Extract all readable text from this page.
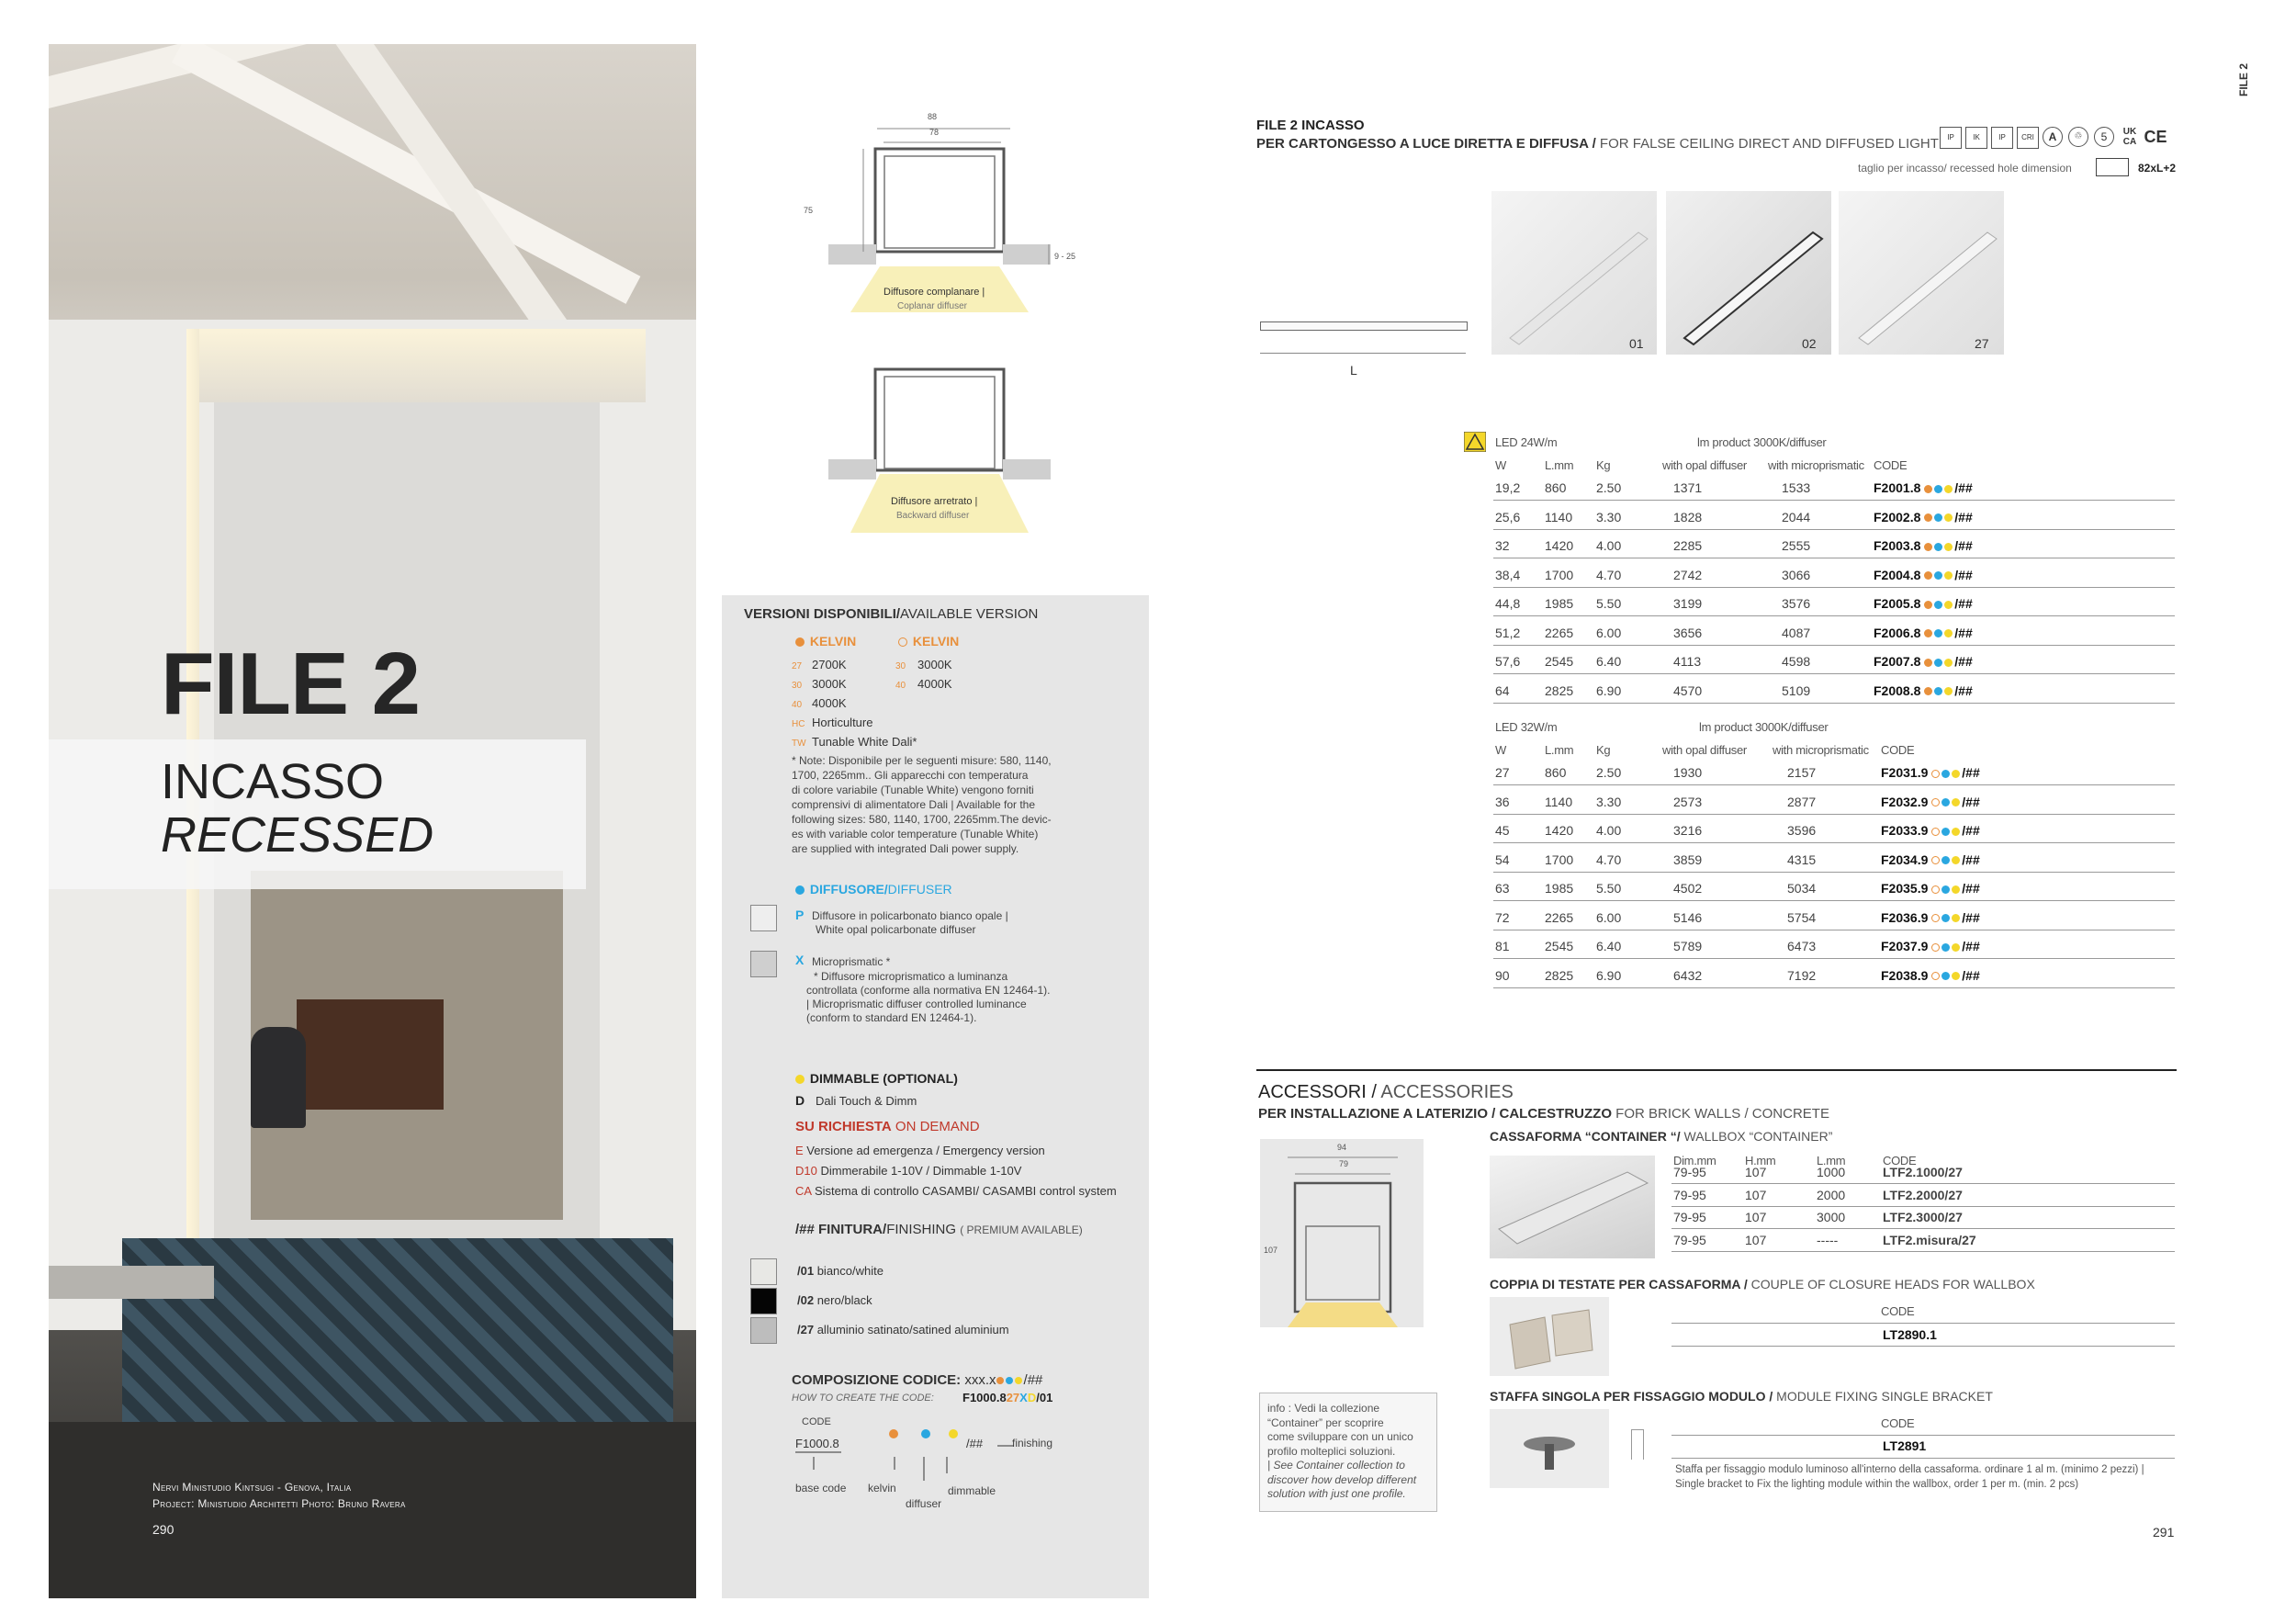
FILE 2
INCASSO
RECESSED
Nervi Ministudio Kintsugi - Genova, Italia
Project: Ministudio Architetti Photo: Bruno Ravera
290
88
78
75
9 - 25
Diffusore complanare |
Coplanar diffuser
Diffusore arretrato |
Backward diffuser
VERSIONI DISPONIBILI/AVAILABLE VERSION
KELVIN	KELVIN
27 2700K
30 3000K
40 4000K
HC Horticulture
TW Tunable White Dali*
30 3000K
40 4000K
* Note: Disponibile per le seguenti misure: 580, 1140,
1700, 2265mm.. Gli apparecchi con temperatura
di colore variabile (Tunable White) vengono forniti
comprensivi di alimentatore Dali | Available for the
following sizes: 580, 1140, 1700, 2265mm.The devic-
es with variable color temperature (Tunable White)
are supplied with integrated Dali power supply.
DIFFUSORE/DIFFUSER
P Diffusore in policarbonato bianco opale |
White opal policarbonate diffuser
X Microprismatic *
* Diffusore microprismatico a luminanza
controllata (conforme alla normativa EN 12464-1).
| Microprismatic diffuser controlled luminance
(conform to standard EN 12464-1).
DIMMABLE (OPTIONAL)
D Dali Touch & Dimm
SU RICHIESTA ON DEMAND
E Versione ad emergenza / Emergency version
D10 Dimmerabile 1-10V / Dimmable 1-10V
CA Sistema di controllo CASAMBI/ CASAMBI control system
/## FINITURA/FINISHING ( PREMIUM AVAILABLE)
/01 bianco/white
/02 nero/black
/27 alluminio satinato/satined aluminium
COMPOSIZIONE CODICE: xxx.x /##
HOW TO CREATE THE CODE: F1000.827XD/01
CODE
F1000.8	/##	finishing
base code kelvin
diffuser
dimmable
FILE 2
FILE 2 INCASSO
PER CARTONGESSO A LUCE DIRETTA E DIFFUSA / FOR FALSE CEILING DIRECT AND DIFFUSED LIGHT	IP	IK	IP	CRI	A	♲	5	UK
CA CE
taglio per incasso/ recessed hole dimension	82xL+2
L
01	02	27
LED 24W/m	lm product 3000K/diffuser
W	L.mm Kg	with opal diffuser with microprismatic CODE
19,2 860 2.50	1371	1533	F2001.8	/##
25,6 1140 3.30	1828	2044	F2002.8	/##
32	1420 4.00	2285	2555	F2003.8	/##
38,4 1700 4.70	2742	3066	F2004.8	/##
44,8 1985 5.50	3199	3576	F2005.8	/##
51,2 2265 6.00	3656	4087	F2006.8	/##
57,6 2545 6.40	4113	4598	F2007.8	/##
64	2825 6.90	4570	5109	F2008.8	/##
LED 32W/m	lm product 3000K/diffuser
W	L.mm Kg	with opal diffuser with microprismatic CODE
27	860 2.50	1930	2157	F2031.9	/##
36	1140 3.30	2573	2877	F2032.9	/##
45	1420 4.00	3216	3596	F2033.9	/##
54	1700 4.70	3859	4315	F2034.9	/##
63	1985 5.50	4502	5034	F2035.9	/##
72	2265 6.00	5146	5754	F2036.9	/##
81	2545 6.40	5789	6473	F2037.9	/##
90	2825 6.90	6432	7192	F2038.9	/##
ACCESSORI / ACCESSORIES
PER INSTALLAZIONE A LATERIZIO / CALCESTRUZZO FOR BRICK WALLS / CONCRETE
94
79
107
CASSAFORMA “CONTAINER “/ WALLBOX “CONTAINER”
Dim.mm H.mm	L.mm	CODE
79-95	107	1000	LTF2.1000/27
79-95	107	2000	LTF2.2000/27
79-95	107	3000	LTF2.3000/27
79-95	107	-----	LTF2.misura/27
COPPIA DI TESTATE PER CASSAFORMA / COUPLE OF CLOSURE HEADS FOR WALLBOX
CODE
LT2890.1
STAFFA SINGOLA PER FISSAGGIO MODULO / MODULE FIXING SINGLE BRACKET
CODE
LT2891
Staffa per fissaggio modulo luminoso all'interno della cassaforma. ordinare 1 al m. (minimo 2 pezzi) |
Single bracket to Fix the lighting module within the wallbox, order 1 per m. (min. 2 pcs)
info : Vedi la collezione
“Container” per scoprire
come sviluppare con un unico
profilo molteplici soluzioni.
| See Container collection to
discover how develop different
solution with just one profile.
291
